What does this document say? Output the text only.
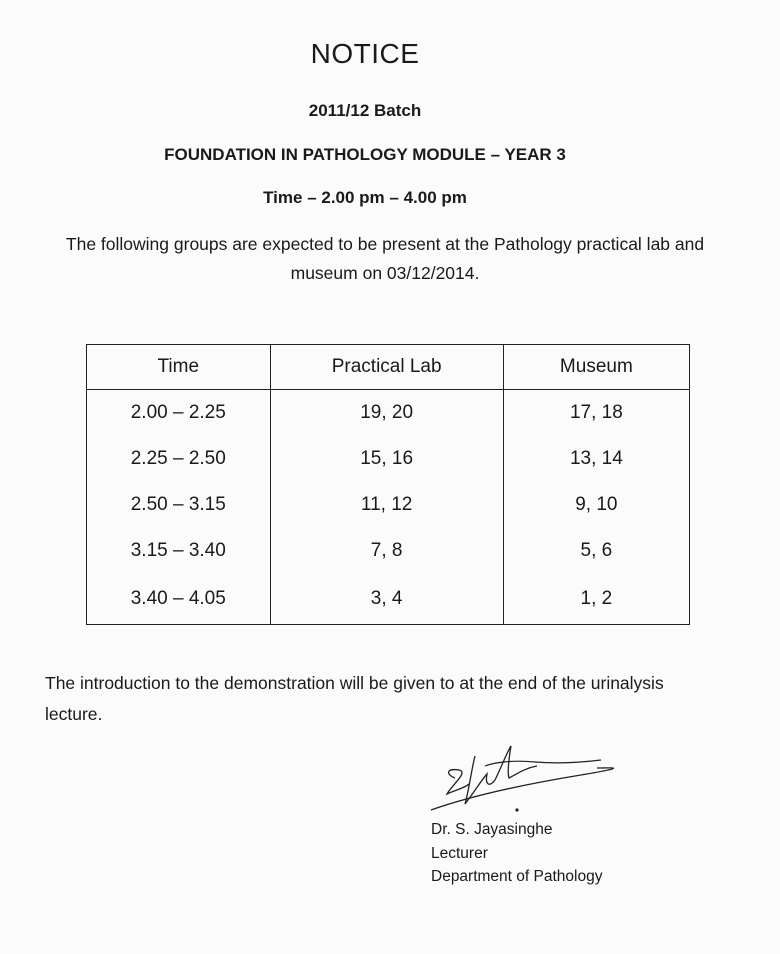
NOTICE
2011/12 Batch
FOUNDATION IN PATHOLOGY MODULE – YEAR 3
Time – 2.00 pm – 4.00 pm
The following groups are expected to be present at the Pathology practical lab and museum on 03/12/2014.
Time	Practical Lab	Museum
2.00 – 2.25	19, 20	17, 18
2.25 – 2.50	15, 16	13, 14
2.50 – 3.15	11, 12	9, 10
3.15 – 3.40	7, 8	5, 6
3.40 – 4.05	3, 4	1, 2
The introduction to the demonstration will be given to at the end of the urinalysis lecture.
Dr. S. Jayasinghe
Lecturer
Department of Pathology
